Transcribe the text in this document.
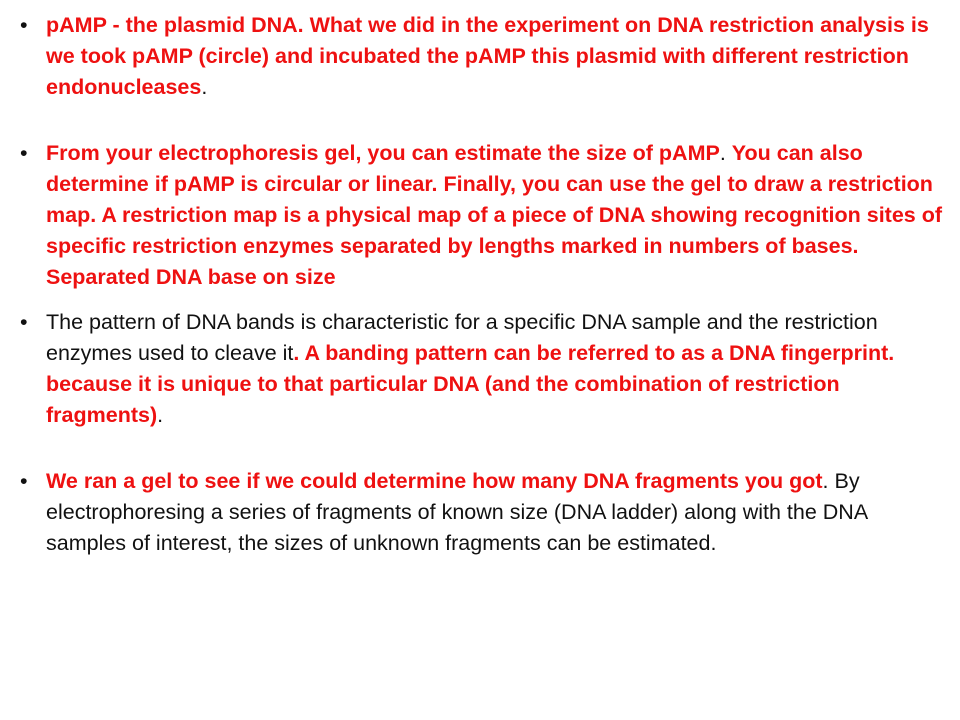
• pAMP - the plasmid DNA. What we did in the experiment on DNA restriction analysis is we took pAMP (circle) and incubated the pAMP this plasmid with different restriction endonucleases.
• From your electrophoresis gel, you can estimate the size of pAMP. You can also determine if pAMP is circular or linear. Finally, you can use the gel to draw a restriction map. A restriction map is a physical map of a piece of DNA showing recognition sites of specific restriction enzymes separated by lengths marked in numbers of bases. Separated DNA base on size
• The pattern of DNA bands is characteristic for a specific DNA sample and the restriction enzymes used to cleave it. A banding pattern can be referred to as a DNA fingerprint. because it is unique to that particular DNA (and the combination of restriction fragments).
• We ran a gel to see if we could determine how many DNA fragments you got. By electrophoresing a series of fragments of known size (DNA ladder) along with the DNA samples of interest, the sizes of unknown fragments can be estimated.
